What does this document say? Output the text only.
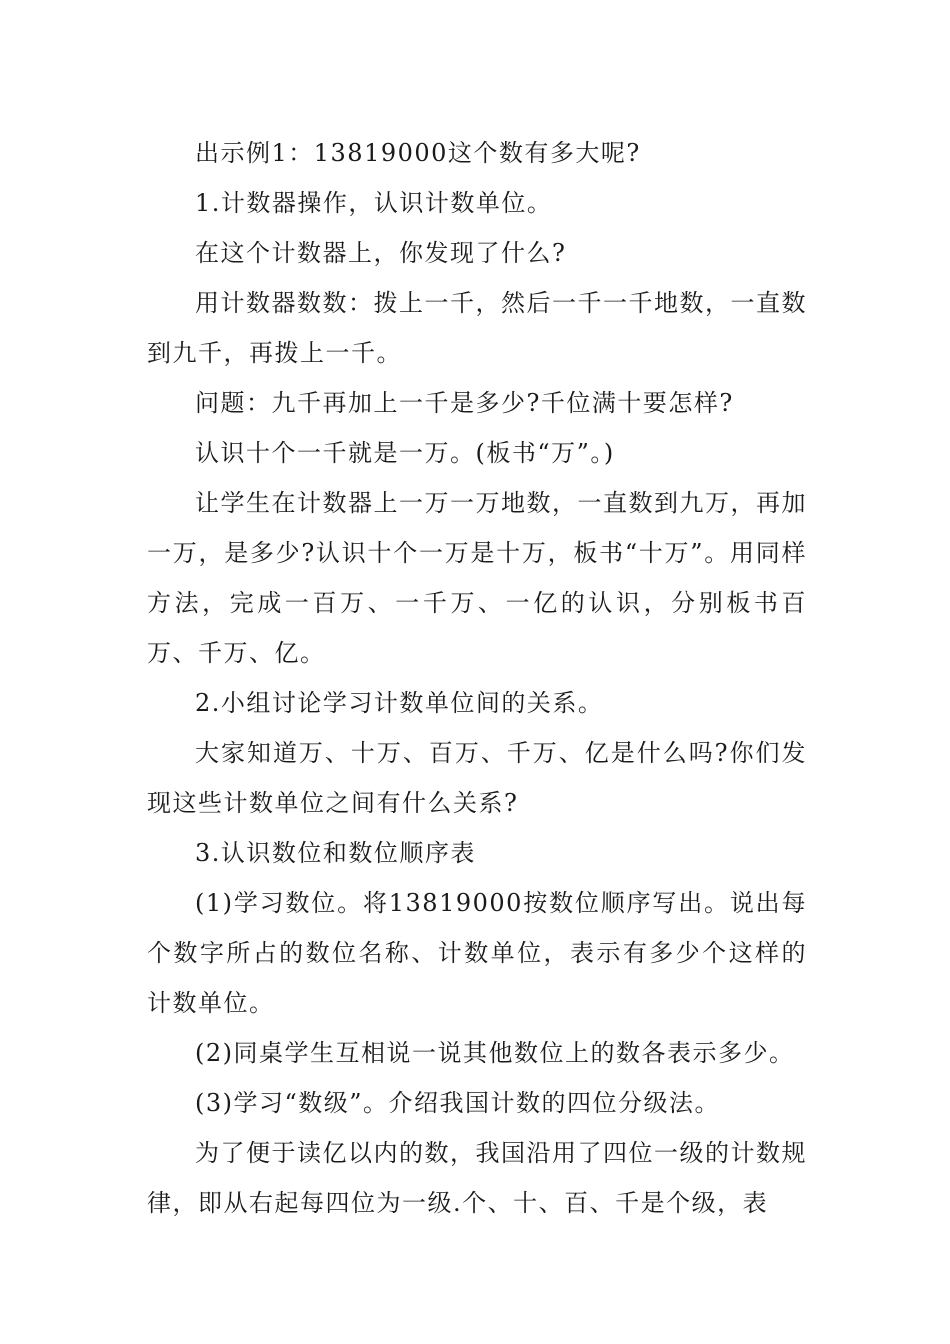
出示例1：13819000这个数有多大呢?

1.计数器操作，认识计数单位。

在这个计数器上，你发现了什么?

用计数器数数：拨上一千，然后一千一千地数，一直数到九千，再拨上一千。

问题：九千再加上一千是多少?千位满十要怎样?

认识十个一千就是一万。(板书“万”。)

让学生在计数器上一万一万地数，一直数到九万，再加一万，是多少?认识十个一万是十万，板书“十万”。用同样方法，完成一百万、一千万、一亿的认识，分别板书百万、千万、亿。

2.小组讨论学习计数单位间的关系。

大家知道万、十万、百万、千万、亿是什么吗?你们发现这些计数单位之间有什么关系?

3.认识数位和数位顺序表

(1)学习数位。将13819000按数位顺序写出。说出每个数字所占的数位名称、计数单位，表示有多少个这样的计数单位。

(2)同桌学生互相说一说其他数位上的数各表示多少。

(3)学习“数级”。介绍我国计数的四位分级法。

为了便于读亿以内的数，我国沿用了四位一级的计数规律，即从右起每四位为一级.个、十、百、千是个级，表
